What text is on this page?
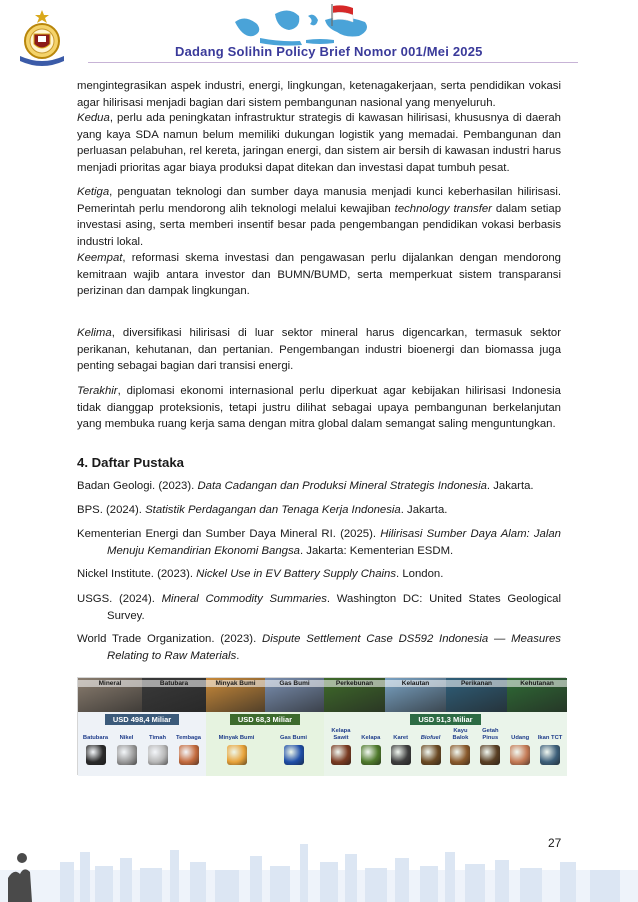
Dadang Solihin Policy Brief Nomor 001/Mei 2025

mengintegrasikan aspek industri, energi, lingkungan, ketenagakerjaan, serta pendidikan vokasi agar hilirisasi menjadi bagian dari sistem pembangunan nasional yang menyeluruh.

Kedua, perlu ada peningkatan infrastruktur strategis di kawasan hilirisasi, khususnya di daerah yang kaya SDA namun belum memiliki dukungan logistik yang memadai. Pembangunan dan perluasan pelabuhan, rel kereta, jaringan energi, dan sistem air bersih di kawasan industri harus menjadi prioritas agar biaya produksi dapat ditekan dan investasi dapat tumbuh pesat.

Ketiga, penguatan teknologi dan sumber daya manusia menjadi kunci keberhasilan hilirisasi. Pemerintah perlu mendorong alih teknologi melalui kewajiban technology transfer dalam setiap investasi asing, serta memberi insentif besar pada pengembangan pendidikan vokasi berbasis industri lokal.

Keempat, reformasi skema investasi dan pengawasan perlu dijalankan dengan mendorong kemitraan wajib antara investor dan BUMN/BUMD, serta memperkuat sistem transparansi perizinan dan dampak lingkungan.

Kelima, diversifikasi hilirisasi di luar sektor mineral harus digencarkan, termasuk sektor perikanan, kehutanan, dan pertanian. Pengembangan industri bioenergi dan biomassa juga penting sebagai bagian dari transisi energi.

Terakhir, diplomasi ekonomi internasional perlu diperkuat agar kebijakan hilirisasi Indonesia tidak dianggap proteksionis, tetapi justru dilihat sebagai upaya pembangunan berkelanjutan yang membuka ruang kerja sama dengan mitra global dalam semangat saling menguntungkan.

4. Daftar Pustaka

Badan Geologi. (2023). Data Cadangan dan Produksi Mineral Strategis Indonesia. Jakarta.

BPS. (2024). Statistik Perdagangan dan Tenaga Kerja Indonesia. Jakarta.

Kementerian Energi dan Sumber Daya Mineral RI. (2025). Hilirisasi Sumber Daya Alam: Jalan Menuju Kemandirian Ekonomi Bangsa. Jakarta: Kementerian ESDM.

Nickel Institute. (2023). Nickel Use in EV Battery Supply Chains. London.

USGS. (2024). Mineral Commodity Summaries. Washington DC: United States Geological Survey.

World Trade Organization. (2023). Dispute Settlement Case DS592 Indonesia — Measures Relating to Raw Materials.

Mineral	Batubara
USD 498,4 Miliar
Batubara	Nikel	Timah	Tembaga
Minyak Bumi	Gas Bumi
USD 68,3 Miliar
Minyak Bumi	Gas Bumi
Perkebunan	Kelautan	Perikanan	Kehutanan
USD 51,3 Miliar
Kelapa Sawit	Kelapa	Karet	Biofuel
Kayu Balok
Getah Pinus	Udang	Ikan TCT
27
